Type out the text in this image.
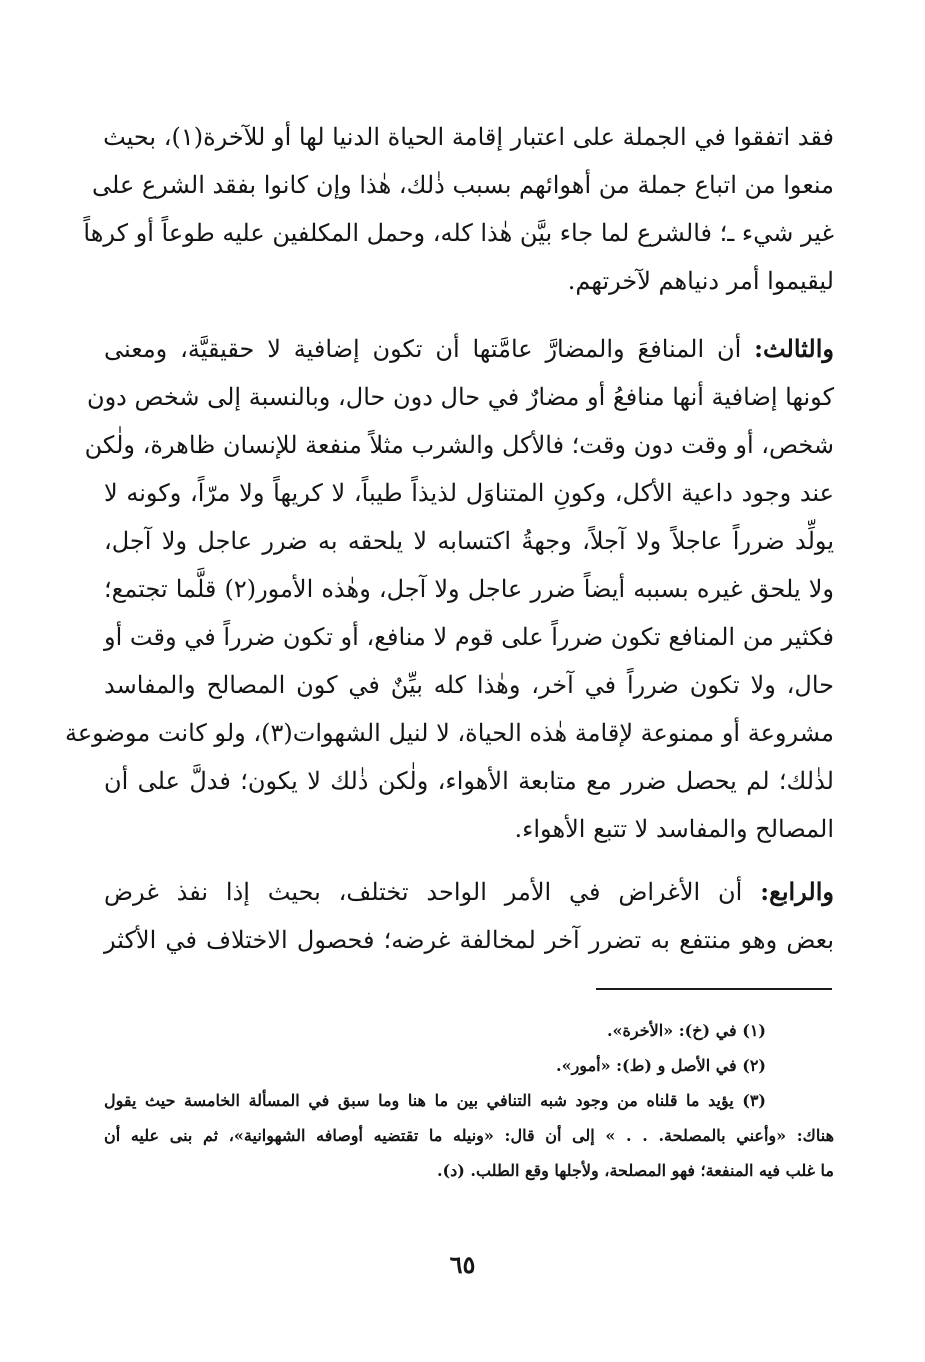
فقد اتفقوا في الجملة على اعتبار إقامة الحياة الدنيا لها أو للآخرة(١)، بحيث
منعوا من اتباع جملة من أهوائهم بسبب ذٰلك، هٰذا وإن كانوا بفقد الشرع على
غير شيء ـ؛ فالشرع لما جاء بيَّن هٰذا كله، وحمل المكلفين عليه طوعاً أو كرهاً
ليقيموا أمر دنياهم لآخرتهم.
والثالث: أن المنافعَ والمضارَّ عامَّتها أن تكون إضافية لا حقيقيَّة، ومعنى
كونها إضافية أنها منافعُ أو مضارٌ في حال دون حال، وبالنسبة إلى شخص دون
شخص، أو وقت دون وقت؛ فالأكل والشرب مثلاً منفعة للإنسان ظاهرة، ولٰكن
عند وجود داعية الأكل، وكونِ المتناوَل لذيذاً طيباً، لا كريهاً ولا مرّاً، وكونه لا
يولِّد ضرراً عاجلاً ولا آجلاً، وجهةُ اكتسابه لا يلحقه به ضرر عاجل ولا آجل،
ولا يلحق غيره بسببه أيضاً ضرر عاجل ولا آجل، وهٰذه الأمور(٢) قلَّما تجتمع؛
فكثير من المنافع تكون ضرراً على قوم لا منافع، أو تكون ضرراً في وقت أو
حال، ولا تكون ضرراً في آخر، وهٰذا كله بيِّنٌ في كون المصالح والمفاسد
مشروعة أو ممنوعة لإقامة هٰذه الحياة، لا لنيل الشهوات(٣)، ولو كانت موضوعة
لذٰلك؛ لم يحصل ضرر مع متابعة الأهواء، ولٰكن ذٰلك لا يكون؛ فدلَّ على أن
المصالح والمفاسد لا تتبع الأهواء.
والرابع: أن الأغراض في الأمر الواحد تختلف، بحيث إذا نفذ غرض
بعض وهو منتفع به تضرر آخر لمخالفة غرضه؛ فحصول الاختلاف في الأكثر
(١) في (خ): «الأخرة».
(٢) في الأصل و (ط): «أمور».
(٣) يؤيد ما قلناه من وجود شبه التنافي بين ما هنا وما سبق في المسألة الخامسة حيث يقول
هناك: «وأعني بالمصلحة. . . » إلى أن قال: «ونيله ما تقتضيه أوصافه الشهوانية»، ثم بنى عليه أن
ما غلب فيه المنفعة؛ فهو المصلحة، ولأجلها وقع الطلب. (د).
٦٥
